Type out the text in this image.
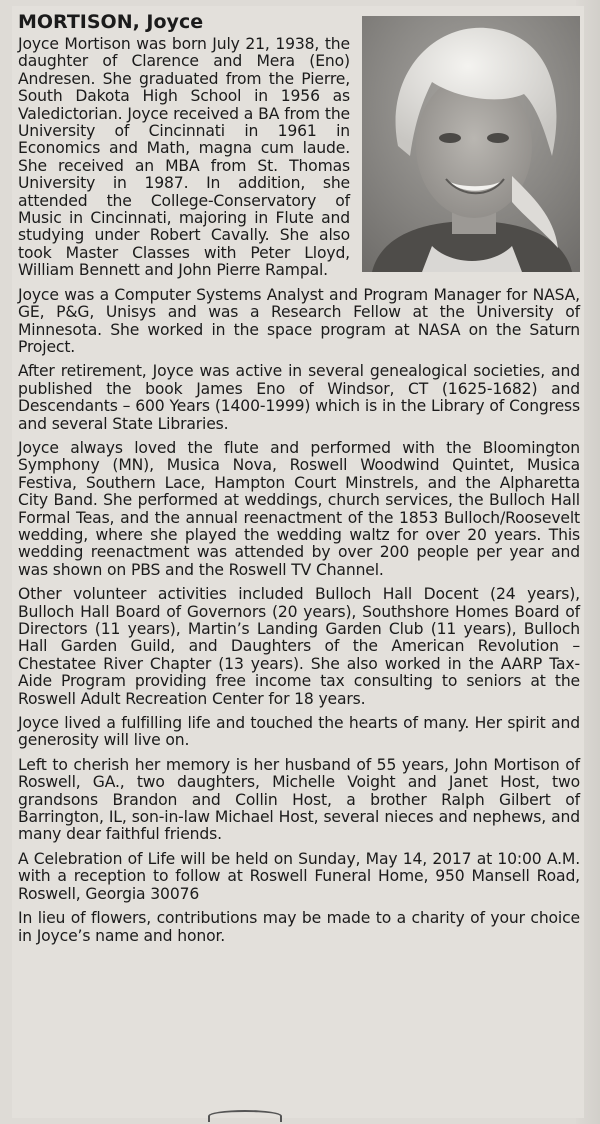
MORTISON, Joyce

Joyce Mortison was born July 21, 1938, the daughter of Clarence and Mera (Eno) Andresen. She graduated from the Pierre, South Dakota High School in 1956 as Valedictorian. Joyce received a BA from the University of Cincinnati in 1961 in Economics and Math, magna cum laude. She received an MBA from St. Thomas University in 1987. In addition, she attended the College-Conservatory of Music in Cincinnati, majoring in Flute and studying under Robert Cavally. She also took Master Classes with Peter Lloyd, William Bennett and John Pierre Rampal.

Joyce was a Computer Systems Analyst and Program Manager for NASA, GE, P&G, Unisys and was a Research Fellow at the University of Minnesota. She worked in the space program at NASA on the Saturn Project.

After retirement, Joyce was active in several genealogical societies, and published the book James Eno of Windsor, CT (1625-1682) and Descendants – 600 Years (1400-1999) which is in the Library of Congress and several State Libraries.

Joyce always loved the flute and performed with the Bloomington Symphony (MN), Musica Nova, Roswell Woodwind Quintet, Musica Festiva, Southern Lace, Hampton Court Minstrels, and the Alpharetta City Band. She performed at weddings, church services, the Bulloch Hall Formal Teas, and the annual reenactment of the 1853 Bulloch/Roosevelt wedding, where she played the wedding waltz for over 20 years. This wedding reenactment was attended by over 200 people per year and was shown on PBS and the Roswell TV Channel.

Other volunteer activities included Bulloch Hall Docent (24 years), Bulloch Hall Board of Governors (20 years), Southshore Homes Board of Directors (11 years), Martin’s Landing Garden Club (11 years), Bulloch Hall Garden Guild, and Daughters of the American Revolution – Chestatee River Chapter (13 years). She also worked in the AARP Tax-Aide Program providing free income tax consulting to seniors at the Roswell Adult Recreation Center for 18 years.

Joyce lived a fulfilling life and touched the hearts of many. Her spirit and generosity will live on.

Left to cherish her memory is her husband of 55 years, John Mortison of Roswell, GA., two daughters, Michelle Voight and Janet Host, two grandsons Brandon and Collin Host, a brother Ralph Gilbert of Barrington, IL, son-in-law Michael Host, several nieces and nephews, and many dear faithful friends.

A Celebration of Life will be held on Sunday, May 14, 2017 at 10:00 A.M. with a reception to follow at Roswell Funeral Home, 950 Mansell Road, Roswell, Georgia 30076

In lieu of flowers, contributions may be made to a charity of your choice in Joyce’s name and honor.
